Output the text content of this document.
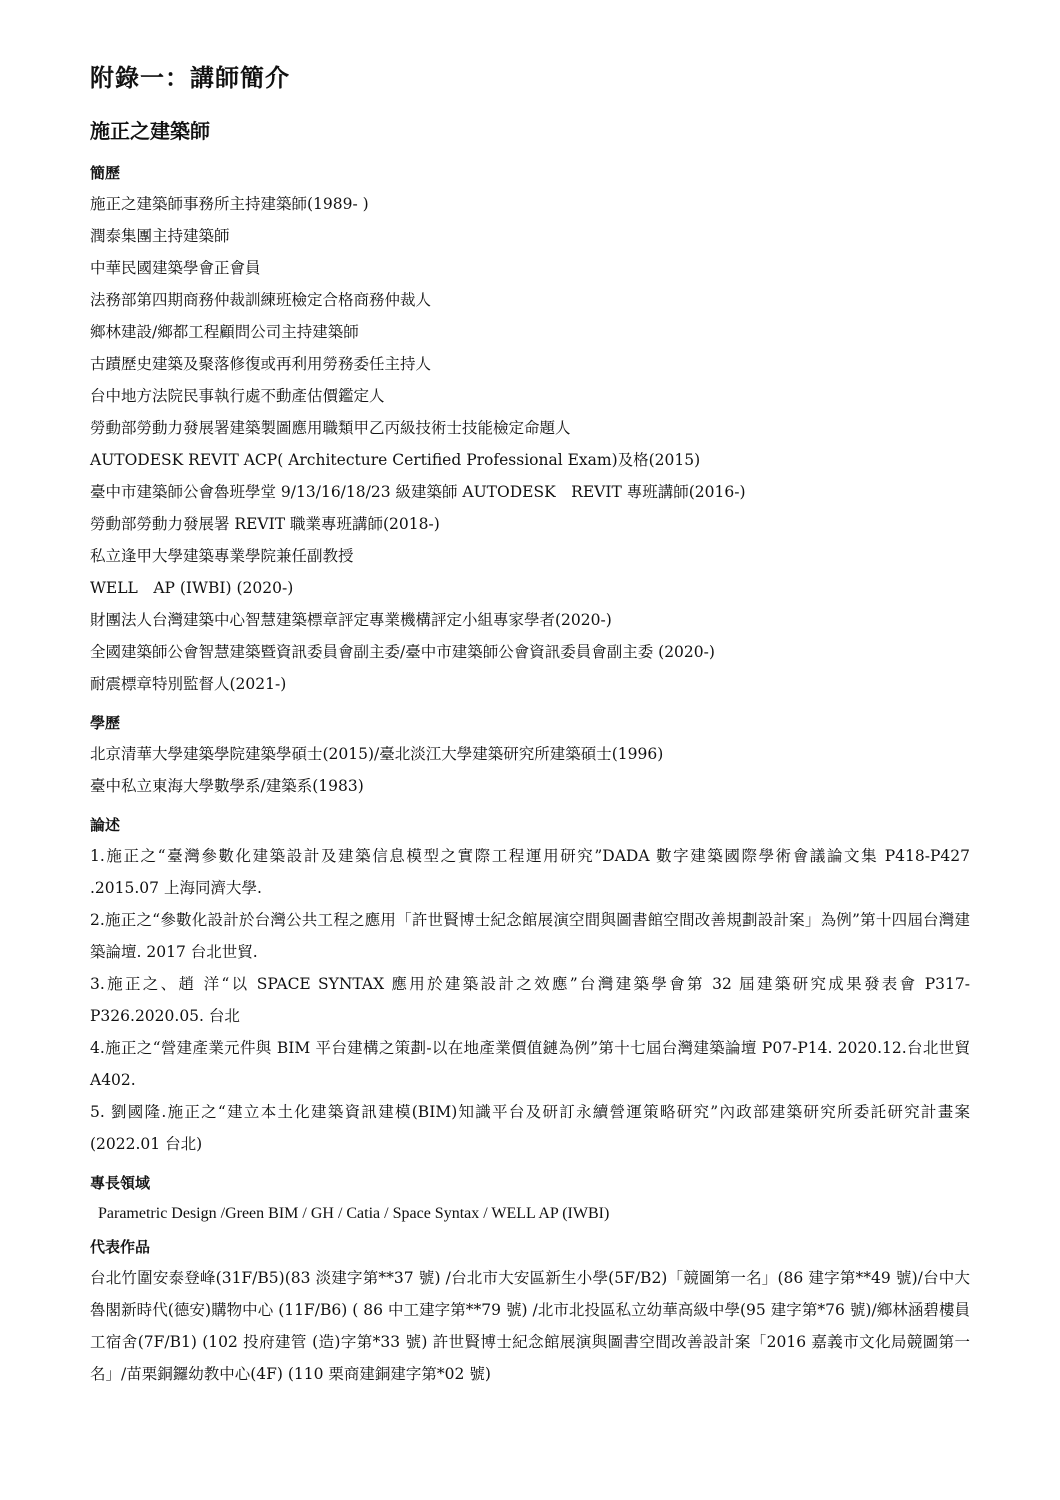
附錄一：講師簡介
施正之建築師
簡歷
施正之建築師事務所主持建築師(1989- )
潤泰集團主持建築師
中華民國建築學會正會員
法務部第四期商務仲裁訓練班檢定合格商務仲裁人
鄉林建設/鄉都工程顧問公司主持建築師
古蹟歷史建築及聚落修復或再利用勞務委任主持人
台中地方法院民事執行處不動產估價鑑定人
勞動部勞動力發展署建築製圖應用職類甲乙丙級技術士技能檢定命題人
AUTODESK REVIT ACP( Architecture Certified Professional Exam)及格(2015)
臺中市建築師公會魯班學堂 9/13/16/18/23 級建築師 AUTODESK　REVIT 專班講師(2016-)
勞動部勞動力發展署 REVIT 職業專班講師(2018-)
私立逢甲大學建築專業學院兼任副教授
WELL　AP (IWBI) (2020-)
財團法人台灣建築中心智慧建築標章評定專業機構評定小組專家學者(2020-)
全國建築師公會智慧建築暨資訊委員會副主委/臺中市建築師公會資訊委員會副主委 (2020-)
耐震標章特別監督人(2021-)
學歷
北京清華大學建築學院建築學碩士(2015)/臺北淡江大學建築研究所建築碩士(1996)
臺中私立東海大學數學系/建築系(1983)
論述
1.施正之“臺灣參數化建築設計及建築信息模型之實際工程運用研究”DADA 數字建築國際學術會議論文集 P418-P427 .2015.07 上海同濟大學.
2.施正之“參數化設計於台灣公共工程之應用「許世賢博士紀念館展演空間與圖書館空間改善規劃設計案」為例”第十四屆台灣建築論壇. 2017 台北世貿.
3.施正之、趙 洋“以 SPACE SYNTAX 應用於建築設計之效應”台灣建築學會第 32 屆建築研究成果發表會 P317-P326.2020.05. 台北
4.施正之“營建產業元件與 BIM 平台建構之策劃-以在地產業價值鏈為例”第十七屆台灣建築論壇 P07-P14. 2020.12.台北世貿 A402.
5. 劉國隆.施正之“建立本土化建築資訊建模(BIM)知識平台及研訂永續營運策略研究”內政部建築研究所委託研究計畫案(2022.01 台北)
專長領域
Parametric Design /Green BIM / GH / Catia / Space Syntax / WELL AP (IWBI)
代表作品
台北竹圍安泰登峰(31F/B5)(83 淡建字第**37 號) /台北市大安區新生小學(5F/B2)「競圖第一名」(86 建字第**49 號)/台中大魯閣新時代(德安)購物中心 (11F/B6) ( 86 中工建字第**79 號) /北市北投區私立幼華高級中學(95 建字第*76 號)/鄉林涵碧樓員工宿舍(7F/B1) (102 投府建管 (造)字第*33 號) 許世賢博士紀念館展演與圖書空間改善設計案「2016 嘉義市文化局競圖第一名」/苗栗銅鑼幼教中心(4F) (110 栗商建銅建字第*02 號)
